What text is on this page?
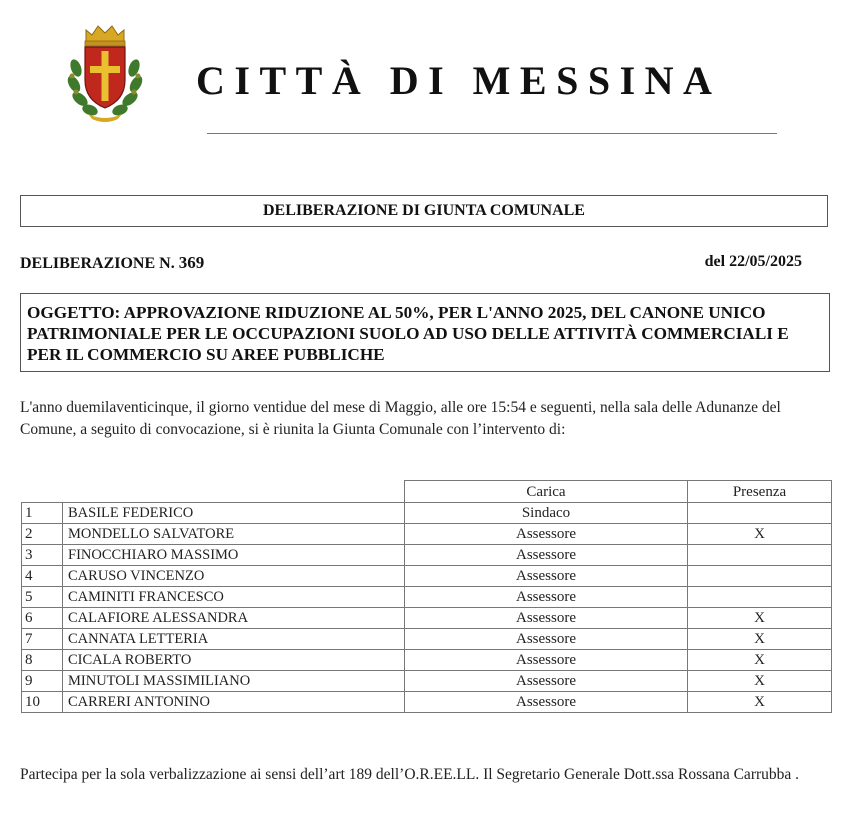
CITTÀ DI MESSINA
DELIBERAZIONE DI GIUNTA COMUNALE
DELIBERAZIONE N. 369	del 22/05/2025
OGGETTO: APPROVAZIONE RIDUZIONE AL 50%, PER L'ANNO 2025, DEL CANONE UNICO PATRIMONIALE PER LE OCCUPAZIONI SUOLO AD USO DELLE ATTIVITÀ COMMERCIALI E PER IL COMMERCIO SU AREE PUBBLICHE
L'anno duemilaventicinque, il giorno ventidue del mese di Maggio, alle ore 15:54 e seguenti, nella sala delle Adunanze del Comune, a seguito di convocazione, si è riunita la Giunta Comunale con l’intervento di:
		Carica	Presenza
1	BASILE FEDERICO	Sindaco	
2	MONDELLO SALVATORE	Assessore	X
3	FINOCCHIARO MASSIMO	Assessore	
4	CARUSO VINCENZO	Assessore	
5	CAMINITI FRANCESCO	Assessore	
6	CALAFIORE ALESSANDRA	Assessore	X
7	CANNATA LETTERIA	Assessore	X
8	CICALA ROBERTO	Assessore	X
9	MINUTOLI MASSIMILIANO	Assessore	X
10	CARRERI ANTONINO	Assessore	X
Partecipa per la sola verbalizzazione ai sensi dell’art 189 dell’O.R.EE.LL. Il Segretario Generale Dott.ssa Rossana Carrubba .
